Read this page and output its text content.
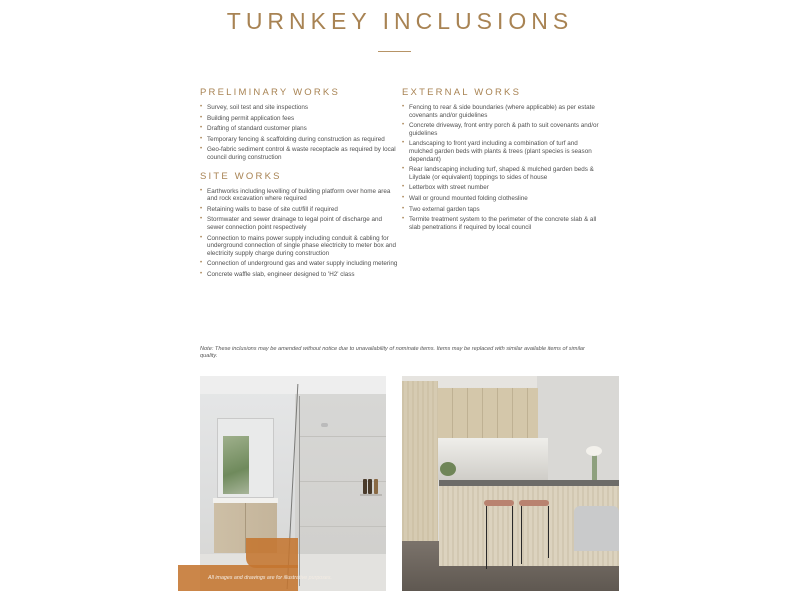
TURNKEY INCLUSIONS
PRELIMINARY WORKS
• Survey, soil test and site inspections
• Building permit application fees
• Drafting of standard customer plans
• Temporary fencing & scaffolding during construction as required
• Geo-fabric sediment control & waste receptacle as required by local council during construction
SITE WORKS
• Earthworks including levelling of building platform over home area and rock excavation where required
• Retaining walls to base of site cut/fill if required
• Stormwater and sewer drainage to legal point of discharge and sewer connection point respectively
• Connection to mains power supply including conduit & cabling for underground connection of single phase electricity to meter box and electricity supply charge during construction
• Connection of underground gas and water supply including metering
• Concrete waffle slab, engineer designed to 'H2' class
EXTERNAL WORKS
• Fencing to rear & side boundaries (where applicable) as per estate covenants and/or guidelines
• Concrete driveway, front entry porch & path to suit covenants and/or guidelines
• Landscaping to front yard including a combination of turf and mulched garden beds with plants & trees (plant species is season dependant)
• Rear landscaping including turf, shaped & mulched garden beds & Lilydale (or equivalent) toppings to sides of house
• Letterbox with street number
• Wall or ground mounted folding clothesline
• Two external garden taps
• Termite treatment system to the perimeter of the concrete slab & all slab penetrations if required by local council

Note: These inclusions may be amended without notice due to unavailability of nominate items. Items may be replaced with similar available items of similar quality.

All images and drawings are for illustrative purposes.
